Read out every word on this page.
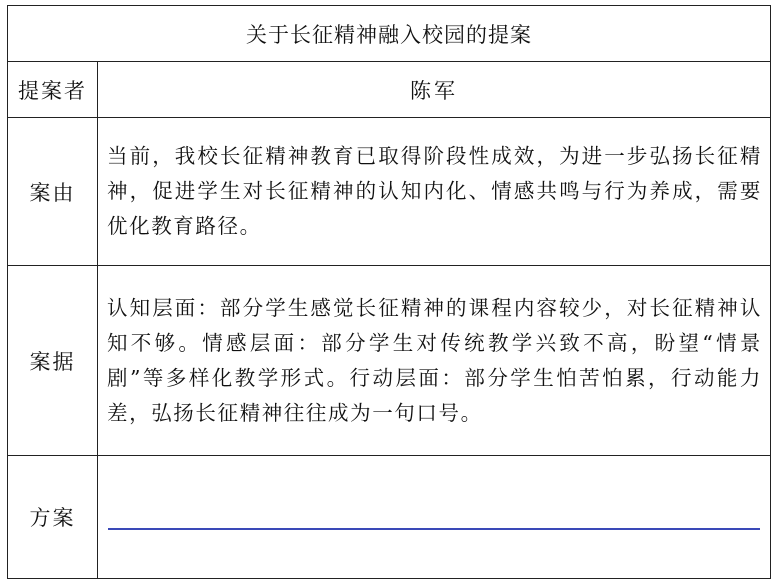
关于长征精神融入校园的提案	
提案者	陈军
案由	当前，我校长征精神教育已取得阶段性成效，为进一步弘扬长征精神，促进学生对长征精神的认知内化、情感共鸣与行为养成，需要优化教育路径。
案据	认知层面：部分学生感觉长征精神的课程内容较少，对长征精神认知不够。情感层面：部分学生对传统教学兴致不高，盼望“情景剧”等多样化教学形式。行动层面：部分学生怕苦怕累，行动能力差，弘扬长征精神往往成为一句口号。
方案	
